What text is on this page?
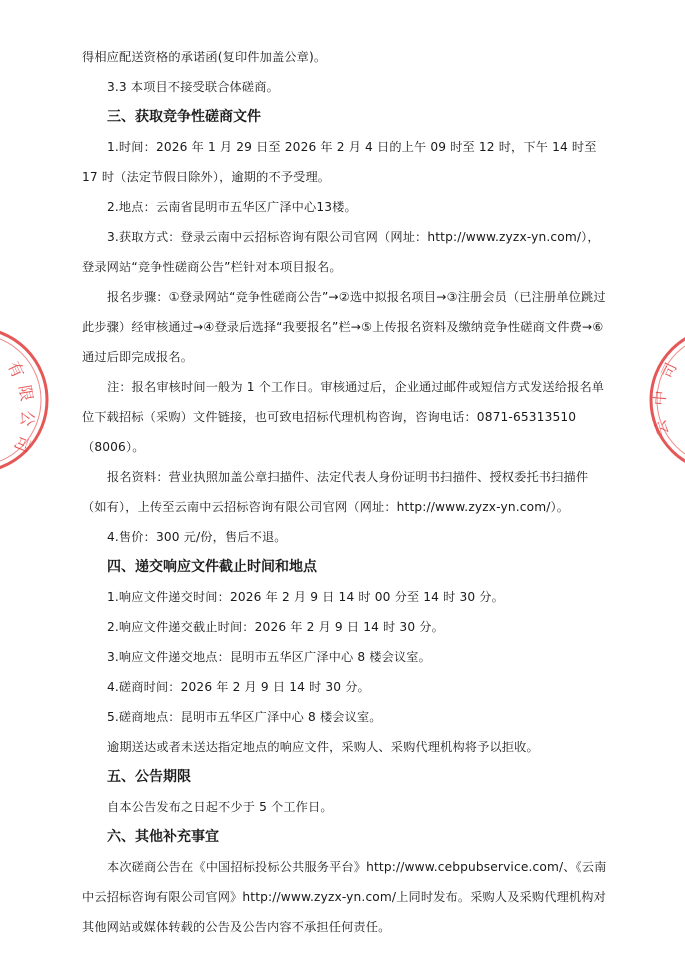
得相应配送资格的承诺函(复印件加盖公章)。

3.3 本项目不接受联合体磋商。

三、获取竞争性磋商文件

1.时间：2026 年 1 月 29 日至 2026 年 2 月 4 日的上午 09 时至 12 时，下午 14 时至 17 时（法定节假日除外），逾期的不予受理。

2.地点：云南省昆明市五华区广泽中心13楼。

3.获取方式：登录云南中云招标咨询有限公司官网（网址：http://www.zyzx-yn.com/），登录网站“竞争性磋商公告”栏针对本项目报名。

报名步骤：①登录网站“竞争性磋商公告”→②选中拟报名项目→③注册会员（已注册单位跳过此步骤）经审核通过→④登录后选择“我要报名”栏→⑤上传报名资料及缴纳竞争性磋商文件费→⑥通过后即完成报名。

注：报名审核时间一般为 1 个工作日。审核通过后，企业通过邮件或短信方式发送给报名单位下载招标（采购）文件链接，也可致电招标代理机构咨询，咨询电话：0871-65313510（8006）。

报名资料：营业执照加盖公章扫描件、法定代表人身份证明书扫描件、授权委托书扫描件（如有），上传至云南中云招标咨询有限公司官网（网址：http://www.zyzx-yn.com/）。

4.售价：300 元/份，售后不退。

四、递交响应文件截止时间和地点

1.响应文件递交时间：2026 年 2 月 9 日 14 时 00 分至 14 时 30 分。

2.响应文件递交截止时间：2026 年 2 月 9 日 14 时 30 分。

3.响应文件递交地点：昆明市五华区广泽中心 8 楼会议室。

4.磋商时间：2026 年 2 月 9 日 14 时 30 分。

5.磋商地点：昆明市五华区广泽中心 8 楼会议室。

逾期送达或者未送达指定地点的响应文件，采购人、采购代理机构将予以拒收。

五、公告期限

自本公告发布之日起不少于 5 个工作日。

六、其他补充事宜

本次磋商公告在《中国招标投标公共服务平台》http://www.cebpubservice.com/、《云南中云招标咨询有限公司官网》http://www.zyzx-yn.com/上同时发布。采购人及采购代理机构对其他网站或媒体转载的公告及公告内容不承担任何责任。

有
限
公
司
司
中
云
